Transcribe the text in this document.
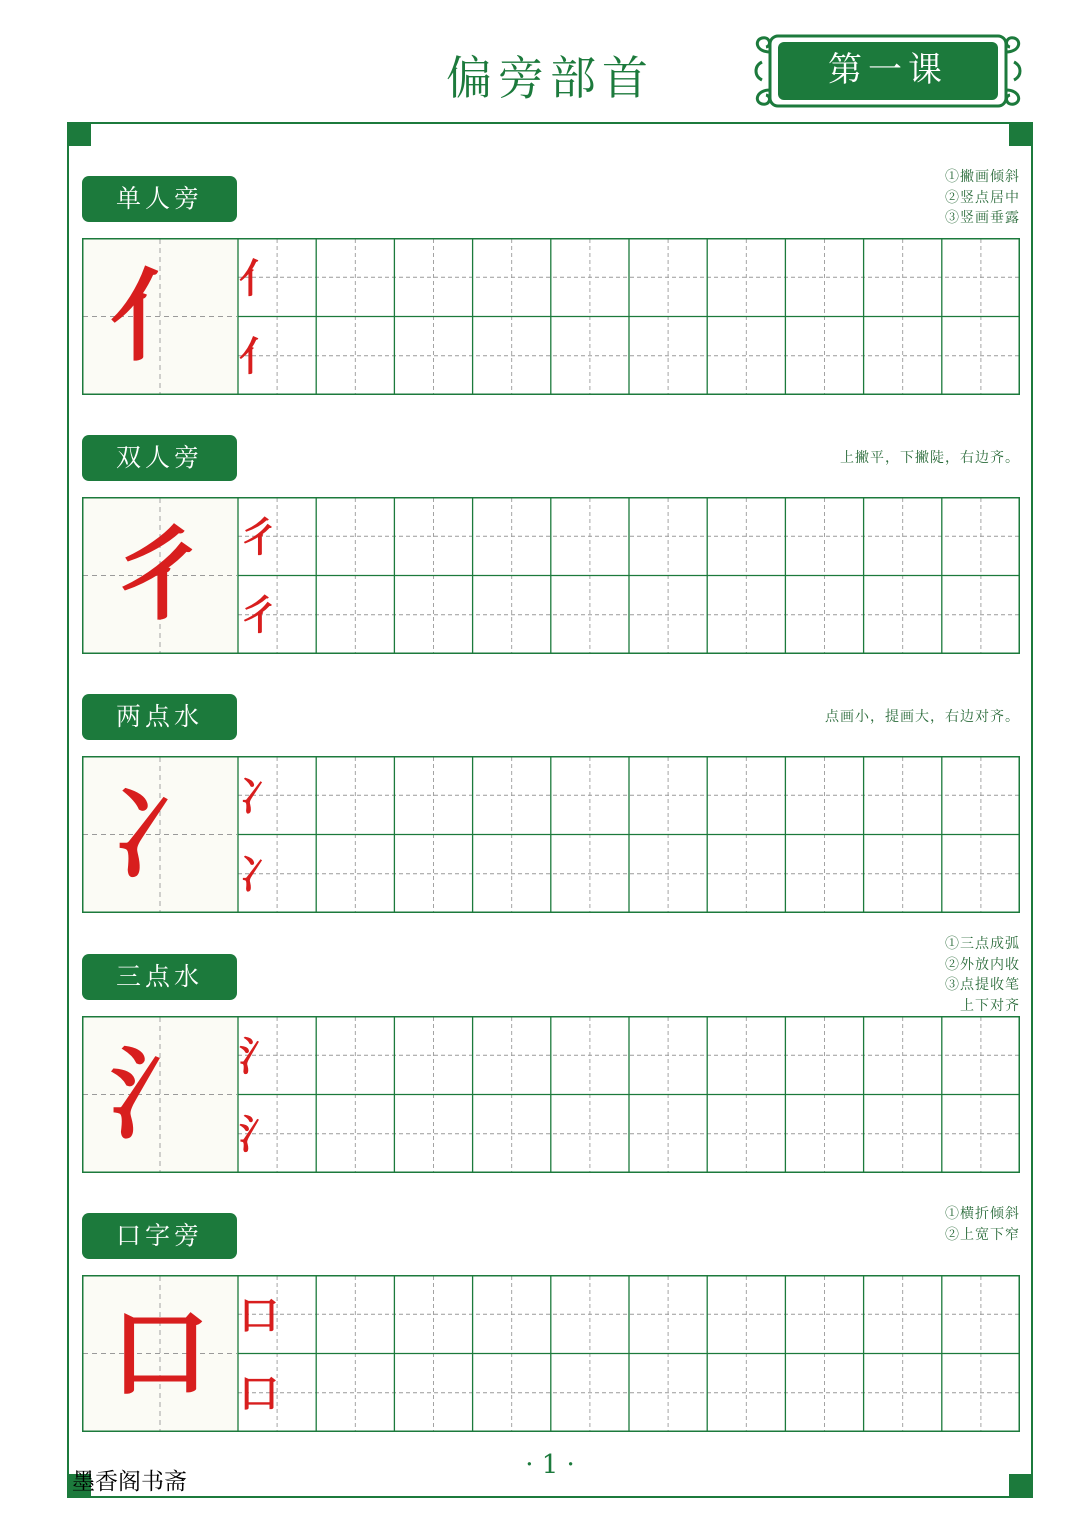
偏旁部首	第一课
单人旁
①撇画倾斜
②竖点居中
③竖画垂露
亻 亻
亻
双人旁	上撇平，下撇陡，右边齐。
彳 彳
彳
两点水	点画小，提画大，右边对齐。
冫 冫
冫
三点水
①三点成弧
②外放内收
③点提收笔
上下对齐
氵 氵
氵
口字旁
①横折倾斜
②上宽下窄
口 口
口
· 1 ·
墨香阁书斋
